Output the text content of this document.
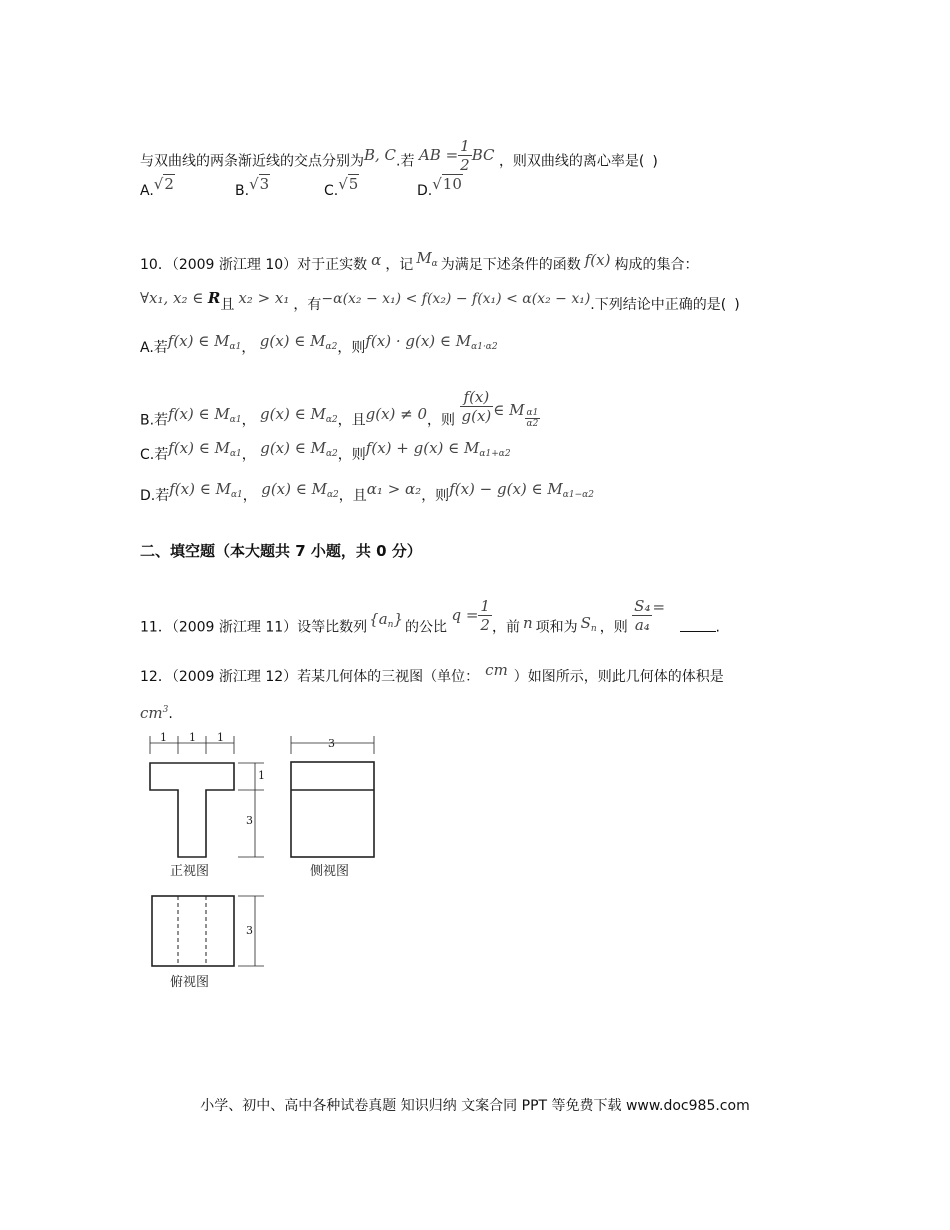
与双曲线的两条渐近线的交点分别为B, C.若 AB = $\frac{1}{2}$ BC ，则双曲线的离心率是( )
A.√2	B.√3	C.√5	D.√10
10．（2009 浙江理 10）对于正实数 α ，记 $M_\alpha$ 为满足下述条件的函数 f(x) 构成的集合：
∀x₁, x₂ ∈ R且 x₂ > x₁ ，有−α(x₂ − x₁) < f(x₂) − f(x₁) < α(x₂ − x₁).下列结论中正确的是( )
A.若f(x) ∈ $M_{\alpha 1}$， g(x) ∈ $M_{\alpha 2}$，则f(x) · g(x) ∈ $M_{\alpha 1\cdot\alpha 2}$
B.若f(x) ∈ $M_{\alpha 1}$， g(x) ∈ $M_{\alpha 2}$，且g(x) ≠ 0，则 $\frac{f(x)}{g(x)}$ ∈ M $\frac{\alpha 1}{\alpha 2}$
C.若f(x) ∈ $M_{\alpha 1}$， g(x) ∈ $M_{\alpha 2}$，则f(x) + g(x) ∈ $M_{\alpha 1+\alpha 2}$
D.若f(x) ∈ $M_{\alpha 1}$， g(x) ∈ $M_{\alpha 2}$，且α₁ > α₂，则f(x) − g(x) ∈ $M_{\alpha 1-\alpha 2}$
二、填空题（本大题共 7 小题，共 0 分）
11．（2009 浙江理 11）设等比数列 $\{a_n\}$ 的公比 $q = \frac{1}{2}$ ，前 n 项和为 $S_n$ ，则 $\frac{\text{S₄}}{\text{a₄}}$ = .
12．（2009 浙江理 12）若某几何体的三视图（单位： cm ）如图所示，则此几何体的体积是
$cm^3$.
1 1 1	3
1
3
3
正视图	侧视图
俯视图
小学、初中、高中各种试卷真题 知识归纳 文案合同 PPT 等免费下载 www.doc985.com
